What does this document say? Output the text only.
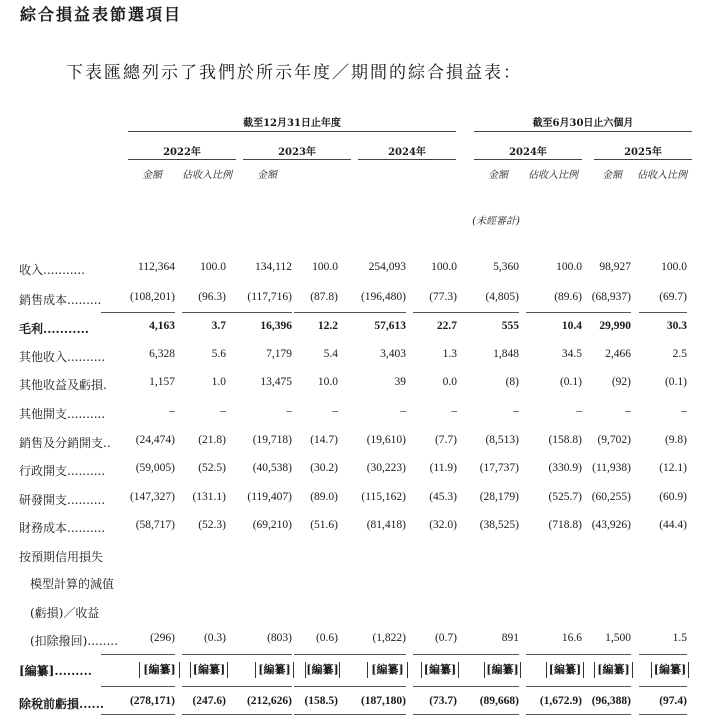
綜合損益表節選項目
下表匯總列示了我們於所示年度／期間的綜合損益表：
截至12月31日止年度	截至6月30日止六個月
2022年	2023年	2024年	2024年	2025年
金額	佔收入比例	金額	金額	佔收入比例	金額	佔收入比例
(未經審計)
收入...........	112,364	100.0	134,112	100.0	254,093	100.0	5,360	100.0	98,927	100.0
銷售成本.........	(108,201)	(96.3)	(117,716)	(87.8)	(196,480)	(77.3)	(4,805)	(89.6) (68,937)	(69.7)
毛利...........	4,163	3.7	16,396	12.2	57,613	22.7	555	10.4	29,990	30.3
其他收入..........	6,328	5.6	7,179	5.4	3,403	1.3	1,848	34.5	2,466	2.5
其他收益及虧損.	1,157	1.0	13,475	10.0	39	0.0	(8)	(0.1)	(92)	(0.1)
其他開支..........	–	–	–	–	–	–	–	–	–	–
銷售及分銷開支..	(24,474)	(21.8)	(19,718)	(14.7)	(19,610)	(7.7)	(8,513)	(158.8)	(9,702)	(9.8)
行政開支..........	(59,005)	(52.5)	(40,538)	(30.2)	(30,223)	(11.9)	(17,737)	(330.9) (11,938)	(12.1)
研發開支..........	(147,327)	(131.1)	(119,407)	(89.0)	(115,162)	(45.3)	(28,179)	(525.7) (60,255)	(60.9)
財務成本..........	(58,717)	(52.3)	(69,210)	(51.6)	(81,418)	(32.0)	(38,525)	(718.8) (43,926)	(44.4)
按預期信用損失
模型計算的減值
(虧損)／收益
(扣除撥回)........	(296)	(0.3)	(803)	(0.6)	(1,822)	(0.7)	891	16.6	1,500	1.5
[編纂].........	[編纂]	[編纂]	[編纂] [編纂]	[編纂]	[編纂]	[編纂]	[編纂] [編纂] [編纂]
除稅前虧損......	(278,171)	(247.6)	(212,626)	(158.5)	(187,180)	(73.7)	(89,668)	(1,672.9) (96,388)	(97.4)
